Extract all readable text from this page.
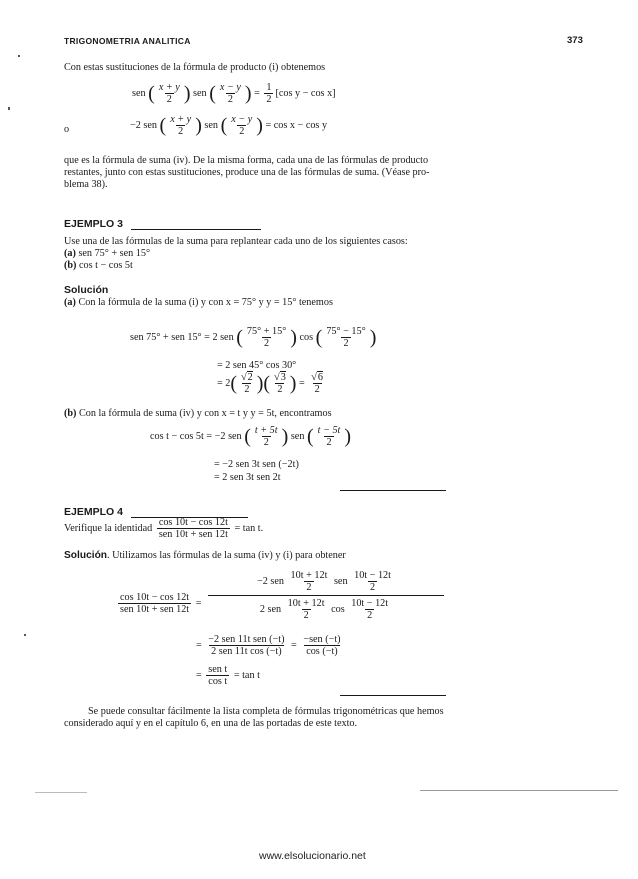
TRIGONOMETRIA ANALITICA	373
Con estas sustituciones de la fórmula de producto (i) obtenemos
sen ( $\frac{x + y}{2}$ ) sen ( $\frac{x - y}{2}$ ) = $\frac{1}{2} [\cos$ y − cos x]
o	−2 sen ( $\frac{x + y}{2}$ ) sen ( $\frac{x - y}{2}$ ) = cos x − cos y
que es la fórmula de suma (iv). De la misma forma, cada una de las fórmulas de producto
restantes, junto con estas sustituciones, produce una de las fórmulas de suma. (Véase pro-
blema 38).
EJEMPLO 3
Use una de las fórmulas de la suma para replantear cada uno de los siguientes casos:
(a) sen 75° + sen 15°
(b) cos t − cos 5t
Solución
(a) Con la fórmula de la suma (i) y con x = 75° y y = 15° tenemos
sen 75° + sen 15° = 2 sen ( $\frac{75^\circ + 15^\circ}{2}$ ) cos ( $\frac{75^\circ - 15^\circ}{2}$ )
= 2 sen 45° cos 30°
= $2( \frac{√2}{2}$ )( $\frac{√3}{2}$ ) = $\frac{√6}{2}$
(b) Con la fórmula de suma (iv) y con x = t y y = 5t, encontramos
cos t − cos 5t = −2 sen ( $\frac{t + 5t}{2}$ ) sen ( $\frac{t - 5t}{2}$ )
= −2 sen 3t sen (−2t)
= 2 sen 3t sen 2t
EJEMPLO 4
Verifique la identidad $\frac{\cos 10t - \cos 12t}{\text{sen 10t + sen 12t}} = \tan t$.
Solución. Utilizamos las fórmulas de la suma (iv) y (i) para obtener
$\frac{\cos 10t - \cos 12t}{\text{sen 10t + sen 12t}}$ =
−2 sen $\frac{10t + 12t}{2}$ sen $\frac{10t - 12t}{2}$
2 sen $\frac{10t + 12t}{2}$ $\cos \frac{10t - 12t}{2}$
= $\frac{\text{−2 sen 11t sen (−t)}}{\text{2 sen 11t cos (−t)}} = \frac{\text{−sen (−t)}}{\cos (-t)}$
= $\frac{\text{sen t}}{\text{cos t}} = \tan t$
Se puede consultar fácilmente la lista completa de fórmulas trigonométricas que hemos
considerado aquí y en el capítulo 6, en una de las portadas de este texto.
www.elsolucionario.net
